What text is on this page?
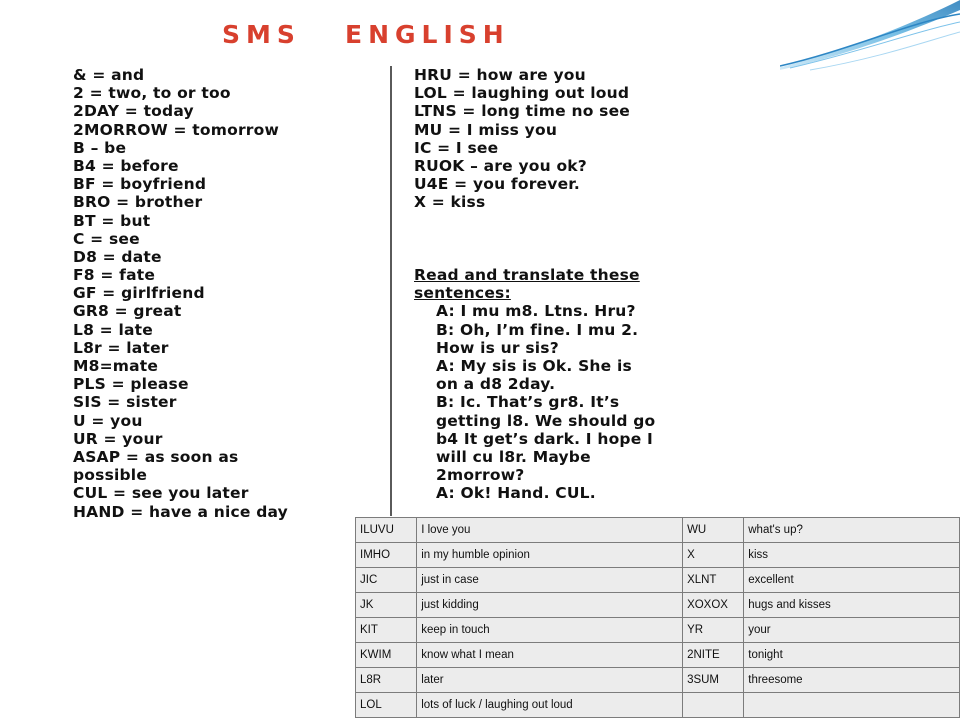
SMS   ENGLISH
& = and
2 = two, to or too
2DAY = today
2MORROW = tomorrow
B – be
B4 = before
BF = boyfriend
BRO = brother
BT = but
C = see
D8 = date
F8 = fate
GF = girlfriend
GR8 = great
L8 = late
L8r = later
M8=mate
PLS = please
SIS = sister
U = you
UR = your
ASAP = as soon as
possible
CUL = see you later
HAND = have a nice day
HRU = how are you
LOL = laughing out loud
LTNS = long time no see
MU = I miss you
IC = I see
RUOK – are you ok?
U4E = you forever.
X = kiss
Read and translate these
sentences:
A: I mu m8. Ltns. Hru?
B: Oh, I’m fine. I mu 2.
How is ur sis?
A: My sis is Ok. She is
on a d8 2day.
B: Ic. That’s gr8. It’s
getting l8. We should go
b4 It get’s dark. I hope I
will cu l8r. Maybe
2morrow?
A: Ok! Hand. CUL.
ILUVU	I love you	WU	what's up?
IMHO	in my humble opinion	X	kiss
JIC	just in case	XLNT	excellent
JK	just kidding	XOXOX	hugs and kisses
KIT	keep in touch	YR	your
KWIM	know what I mean	2NITE	tonight
L8R	later	3SUM	threesome
LOL	lots of luck / laughing out loud		
